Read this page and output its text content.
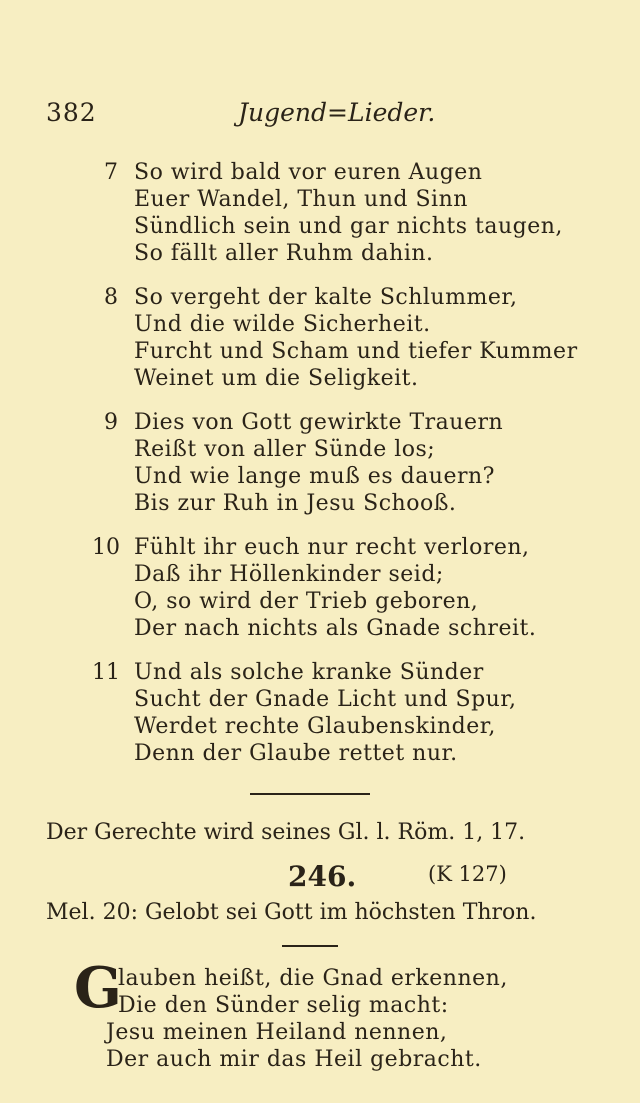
382	Jugend=Lieder.
7 So wird bald vor euren Augen
Euer Wandel, Thun und Sinn
Sündlich sein und gar nichts taugen,
So fällt aller Ruhm dahin.
8 So vergeht der kalte Schlummer,
Und die wilde Sicherheit.
Furcht und Scham und tiefer Kummer
Weinet um die Seligkeit.
9 Dies von Gott gewirkte Trauern
Reißt von aller Sünde los;
Und wie lange muß es dauern?
Bis zur Ruh in Jesu Schooß.
10 Fühlt ihr euch nur recht verloren,
Daß ihr Höllenkinder seid;
O, so wird der Trieb geboren,
Der nach nichts als Gnade schreit.
11 Und als solche kranke Sünder
Sucht der Gnade Licht und Spur,
Werdet rechte Glaubenskinder,
Denn der Glaube rettet nur.
Der Gerechte wird seines Gl. l. Röm. 1, 17.
246.	(K 127)
Mel. 20: Gelobt sei Gott im höchsten Thron.
G
lauben heißt, die Gnad erkennen,
Die den Sünder selig macht:
Jesu meinen Heiland nennen,
Der auch mir das Heil gebracht.
